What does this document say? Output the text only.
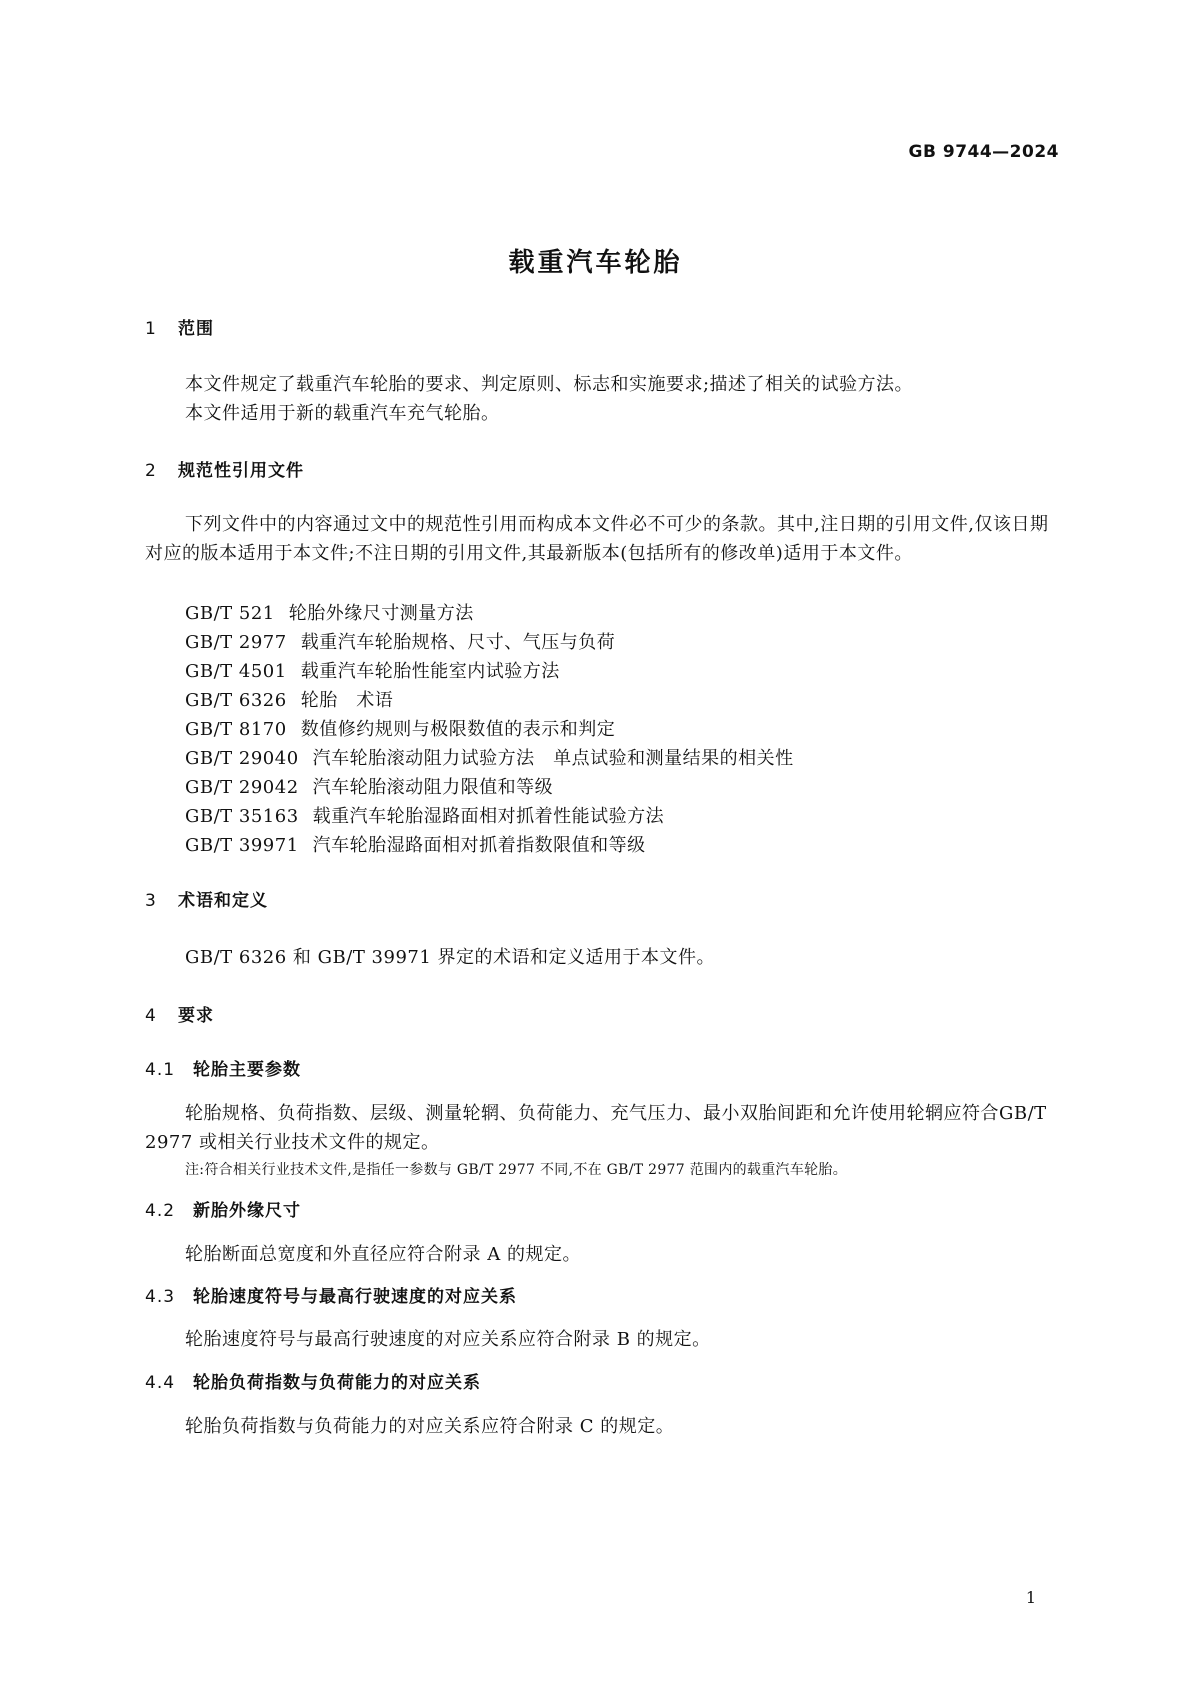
GB 9744—2024
载重汽车轮胎
1 范围
本文件规定了载重汽车轮胎的要求、判定原则、标志和实施要求;描述了相关的试验方法。
本文件适用于新的载重汽车充气轮胎。
2 规范性引用文件
下列文件中的内容通过文中的规范性引用而构成本文件必不可少的条款。其中,注日期的引用文件,仅该日期对应的版本适用于本文件;不注日期的引用文件,其最新版本(包括所有的修改单)适用于本文件。
GB/T 521 轮胎外缘尺寸测量方法
GB/T 2977 载重汽车轮胎规格、尺寸、气压与负荷
GB/T 4501 载重汽车轮胎性能室内试验方法
GB/T 6326 轮胎　术语
GB/T 8170 数值修约规则与极限数值的表示和判定
GB/T 29040 汽车轮胎滚动阻力试验方法　单点试验和测量结果的相关性
GB/T 29042 汽车轮胎滚动阻力限值和等级
GB/T 35163 载重汽车轮胎湿路面相对抓着性能试验方法
GB/T 39971 汽车轮胎湿路面相对抓着指数限值和等级
3 术语和定义
GB/T 6326 和 GB/T 39971 界定的术语和定义适用于本文件。
4 要求
4.1 轮胎主要参数
轮胎规格、负荷指数、层级、测量轮辋、负荷能力、充气压力、最小双胎间距和允许使用轮辋应符合GB/T 2977 或相关行业技术文件的规定。
注:符合相关行业技术文件,是指任一参数与 GB/T 2977 不同,不在 GB/T 2977 范围内的载重汽车轮胎。
4.2 新胎外缘尺寸
轮胎断面总宽度和外直径应符合附录 A 的规定。
4.3 轮胎速度符号与最高行驶速度的对应关系
轮胎速度符号与最高行驶速度的对应关系应符合附录 B 的规定。
4.4 轮胎负荷指数与负荷能力的对应关系
轮胎负荷指数与负荷能力的对应关系应符合附录 C 的规定。
1
